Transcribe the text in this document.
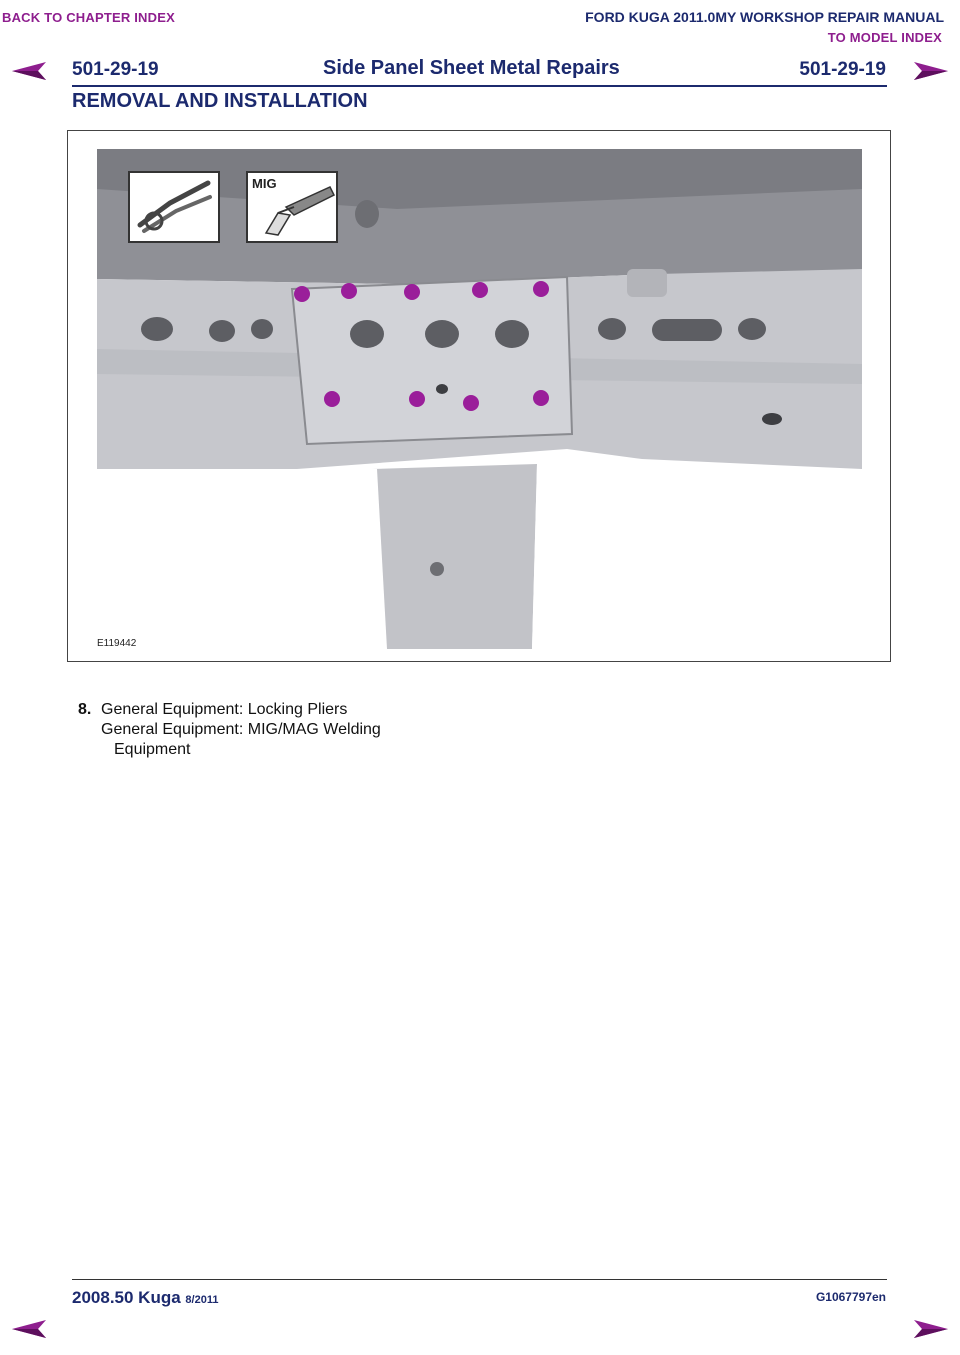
BACK TO CHAPTER INDEX	FORD KUGA 2011.0MY WORKSHOP REPAIR MANUAL
TO MODEL INDEX
501-29-19	Side Panel Sheet Metal Repairs	501-29-19
REMOVAL AND INSTALLATION
MIG
E119442
8. General Equipment: Locking Pliers
General Equipment: MIG/MAG Welding
Equipment
2008.50 Kuga 8/2011	G1067797en
